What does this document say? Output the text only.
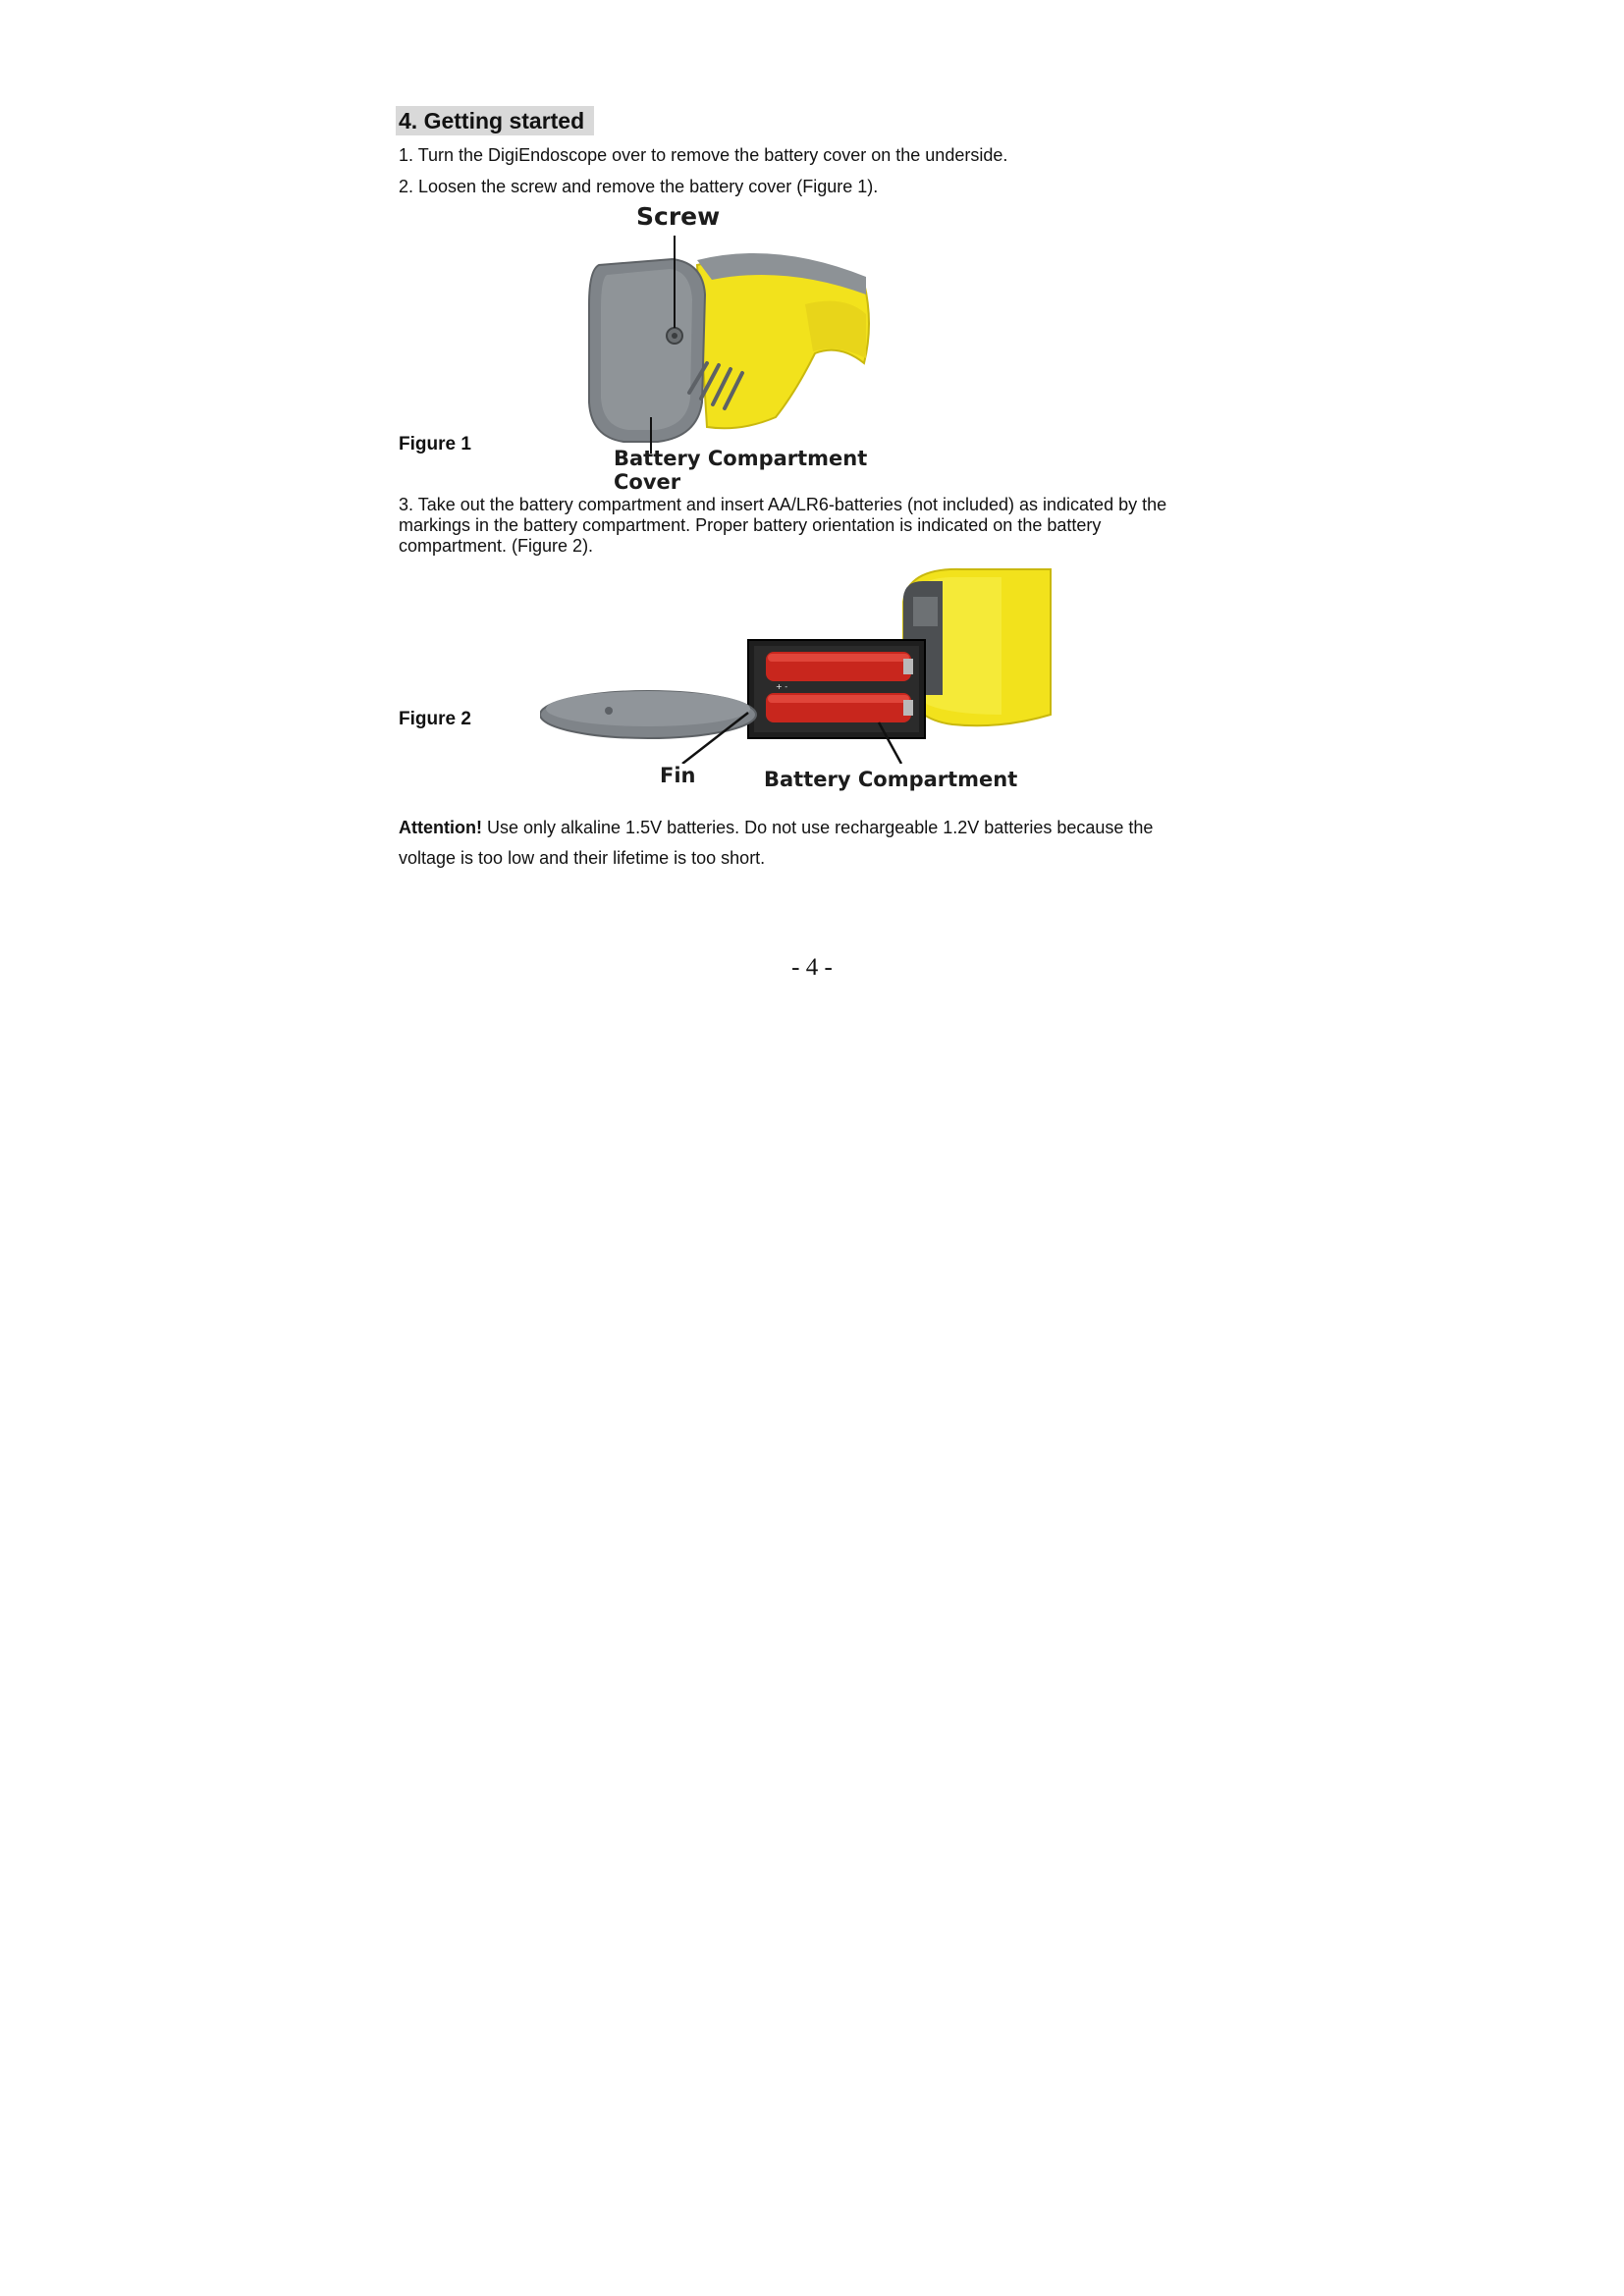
4. Getting started

1. Turn the DigiEndoscope over to remove the battery cover on the underside.

2. Loosen the screw and remove the battery cover (Figure 1).

Screw
Figure 1
Battery Compartment
Cover

3. Take out the battery compartment and insert AA/LR6-batteries (not included) as indicated by the markings in the battery compartment. Proper battery orientation is indicated on the battery compartment. (Figure 2).

+ -
Figure 2
Fin	Battery Compartment

Attention! Use only alkaline 1.5V batteries. Do not use rechargeable 1.2V batteries because the voltage is too low and their lifetime is too short.

- 4 -
